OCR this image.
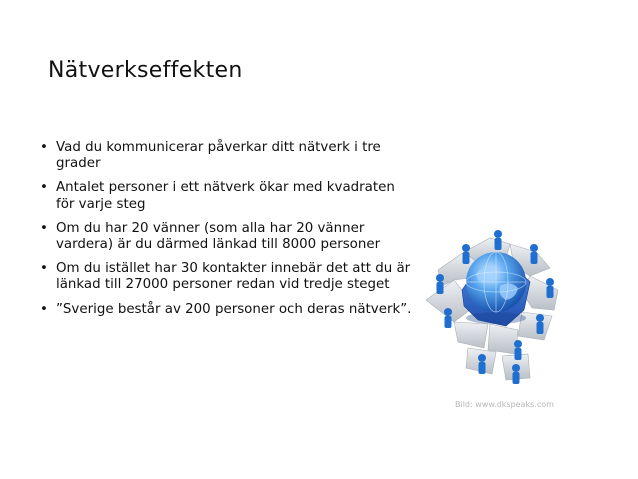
Nätverkseffekten
• Vad du kommunicerar påverkar ditt nätverk i tre grader
• Antalet personer i ett nätverk ökar med kvadraten för varje steg
• Om du har 20 vänner (som alla har 20 vänner vardera) är du därmed länkad till 8000 personer
• Om du istället har 30 kontakter innebär det att du är länkad till 27000 personer redan vid tredje steget
• ”Sverige består av 200 personer och deras nätverk”.
Bild: www.dkspeaks.com
